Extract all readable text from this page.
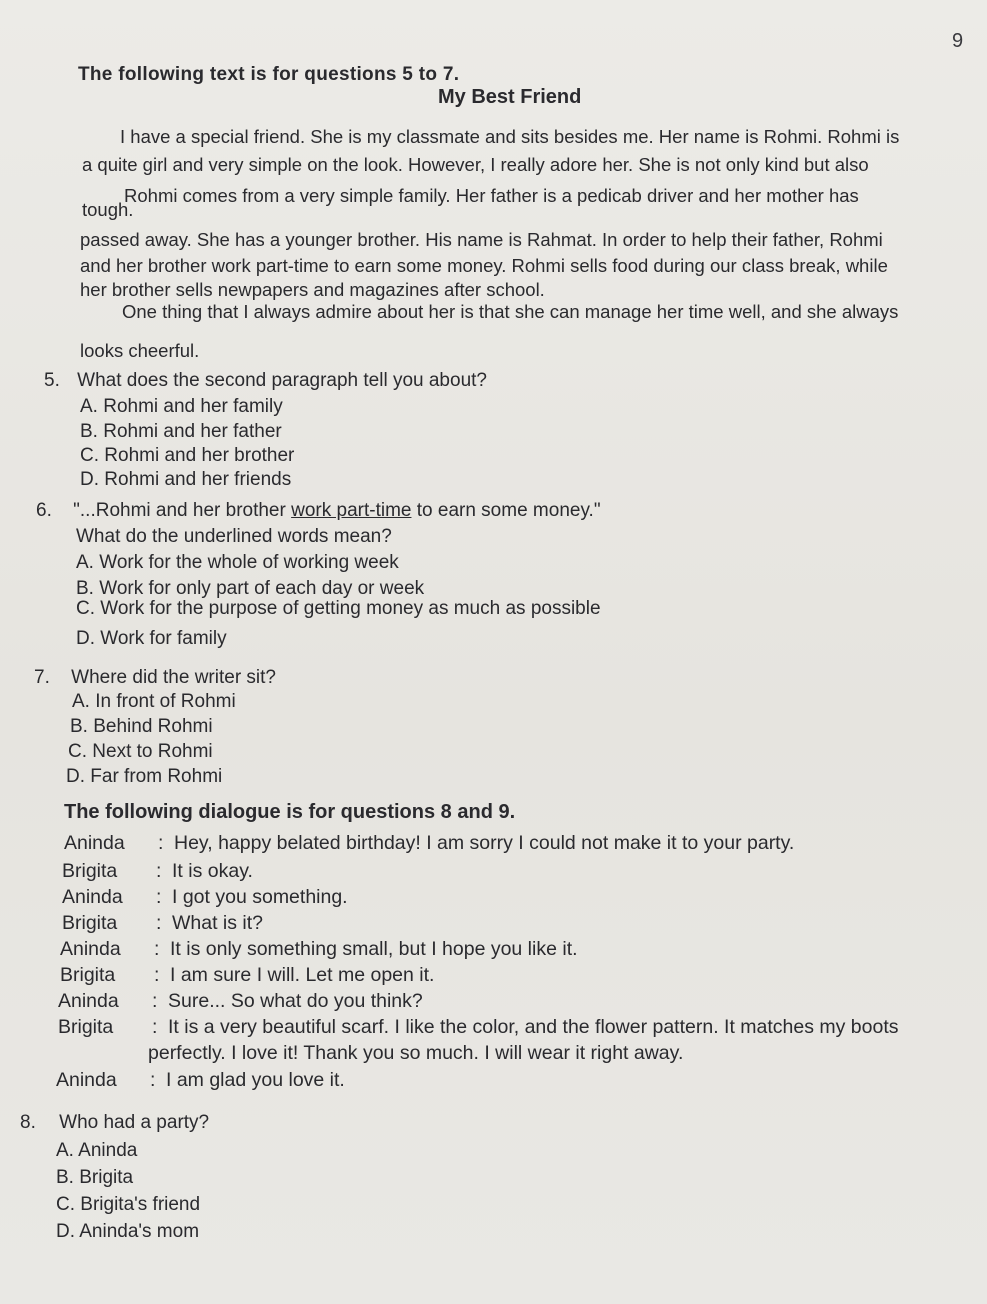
9
The following text is for questions 5 to 7.
My Best Friend
I have a special friend. She is my classmate and sits besides me. Her name is Rohmi. Rohmi is
a quite girl and very simple on the look. However, I really adore her. She is not only kind but also
tough.
Rohmi comes from a very simple family. Her father is a pedicab driver and her mother has
passed away. She has a younger brother. His name is Rahmat. In order to help their father, Rohmi
and her brother work part-time to earn some money. Rohmi sells food during our class break, while
her brother sells newpapers and magazines after school.
One thing that I always admire about her is that she can manage her time well, and she always
looks cheerful.
5. What does the second paragraph tell you about?
A. Rohmi and her family
B. Rohmi and her father
C. Rohmi and her brother
D. Rohmi and her friends
6. "...Rohmi and her brother work part-time to earn some money."
What do the underlined words mean?
A. Work for the whole of working week
B. Work for only part of each day or week
C. Work for the purpose of getting money as much as possible
D. Work for family
7. Where did the writer sit?
A. In front of Rohmi
B. Behind Rohmi
C. Next to Rohmi
D. Far from Rohmi
The following dialogue is for questions 8 and 9.
Aninda : Hey, happy belated birthday! I am sorry I could not make it to your party.
Brigita : It is okay.
Aninda : I got you something.
Brigita : What is it?
Aninda : It is only something small, but I hope you like it.
Brigita : I am sure I will. Let me open it.
Aninda : Sure... So what do you think?
Brigita : It is a very beautiful scarf. I like the color, and the flower pattern. It matches my boots
perfectly. I love it! Thank you so much. I will wear it right away.
Aninda : I am glad you love it.
8. Who had a party?
A. Aninda
B. Brigita
C. Brigita's friend
D. Aninda's mom
